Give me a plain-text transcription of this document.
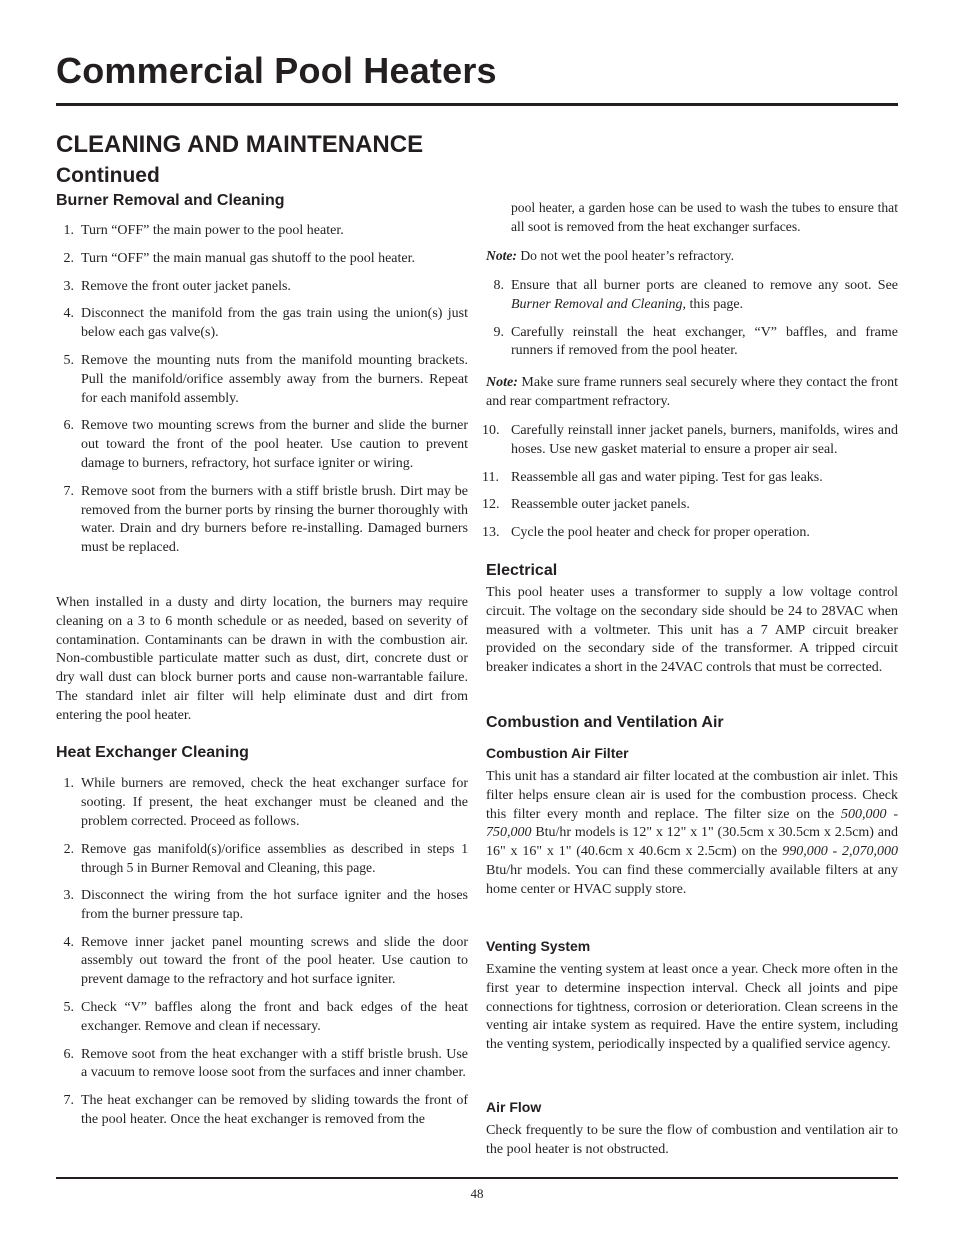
Commercial Pool Heaters
CLEANING AND MAINTENANCE Continued
Burner Removal and Cleaning
1. Turn “OFF” the main power to the pool heater.
2. Turn “OFF” the main manual gas shutoff to the pool heater.
3. Remove the front outer jacket panels.
4. Disconnect the manifold from the gas train using the union(s) just below each gas valve(s).
5. Remove the mounting nuts from the manifold mounting brackets. Pull the manifold/orifice assembly away from the burners. Repeat for each manifold assembly.
6. Remove two mounting screws from the burner and slide the burner out toward the front of the pool heater. Use caution to prevent damage to burners, refractory, hot surface igniter or wiring.
7. Remove soot from the burners with a stiff bristle brush. Dirt may be removed from the burner ports by rinsing the burner thoroughly with water. Drain and dry burners before re-installing. Damaged burners must be replaced.

When installed in a dusty and dirty location, the burners may require cleaning on a 3 to 6 month schedule or as needed, based on severity of contamination. Contaminants can be drawn in with the combustion air. Non-combustible particulate matter such as dust, dirt, concrete dust or dry wall dust can block burner ports and cause non-warrantable failure. The standard inlet air filter will help eliminate dust and dirt from entering the pool heater.

Heat Exchanger Cleaning
1. While burners are removed, check the heat exchanger surface for sooting. If present, the heat exchanger must be cleaned and the problem corrected. Proceed as follows.
2. Remove gas manifold(s)/orifice assemblies as described in steps 1 through 5 in Burner Removal and Cleaning, this page.
3. Disconnect the wiring from the hot surface igniter and the hoses from the burner pressure tap.
4. Remove inner jacket panel mounting screws and slide the door assembly out toward the front of the pool heater. Use caution to prevent damage to the refractory and hot surface igniter.
5. Check “V” baffles along the front and back edges of the heat exchanger. Remove and clean if necessary.
6. Remove soot from the heat exchanger with a stiff bristle brush. Use a vacuum to remove loose soot from the surfaces and inner chamber.
7. The heat exchanger can be removed by sliding towards the front of the pool heater. Once the heat exchanger is removed from the

pool heater, a garden hose can be used to wash the tubes to ensure that all soot is removed from the heat exchanger surfaces.

Note: Do not wet the pool heater’s refractory.

8. Ensure that all burner ports are cleaned to remove any soot. See Burner Removal and Cleaning, this page.
9. Carefully reinstall the heat exchanger, “V” baffles, and frame runners if removed from the pool heater.

Note: Make sure frame runners seal securely where they contact the front and rear compartment refractory.

10. Carefully reinstall inner jacket panels, burners, manifolds, wires and hoses. Use new gasket material to ensure a proper air seal.
11. Reassemble all gas and water piping. Test for gas leaks.
12. Reassemble outer jacket panels.
13. Cycle the pool heater and check for proper operation.
Electrical

This pool heater uses a transformer to supply a low voltage control circuit. The voltage on the secondary side should be 24 to 28VAC when measured with a voltmeter. This unit has a 7 AMP circuit breaker provided on the secondary side of the transformer. A tripped circuit breaker indicates a short in the 24VAC controls that must be corrected.

Combustion and Ventilation Air
Combustion Air Filter

This unit has a standard air filter located at the combustion air inlet. This filter helps ensure clean air is used for the combustion process. Check this filter every month and replace. The filter size on the 500,000 - 750,000 Btu/hr models is 12" x 12" x 1" (30.5cm x 30.5cm x 2.5cm) and 16" x 16" x 1" (40.6cm x 40.6cm x 2.5cm) on the 990,000 - 2,070,000 Btu/hr models. You can find these commercially available filters at any home center or HVAC supply store.

Venting System

Examine the venting system at least once a year. Check more often in the first year to determine inspection interval. Check all joints and pipe connections for tightness, corrosion or deterioration. Clean screens in the venting air intake system as required. Have the entire system, including the venting system, periodically inspected by a qualified service agency.

Air Flow

Check frequently to be sure the flow of combustion and ventilation air to the pool heater is not obstructed.

48
